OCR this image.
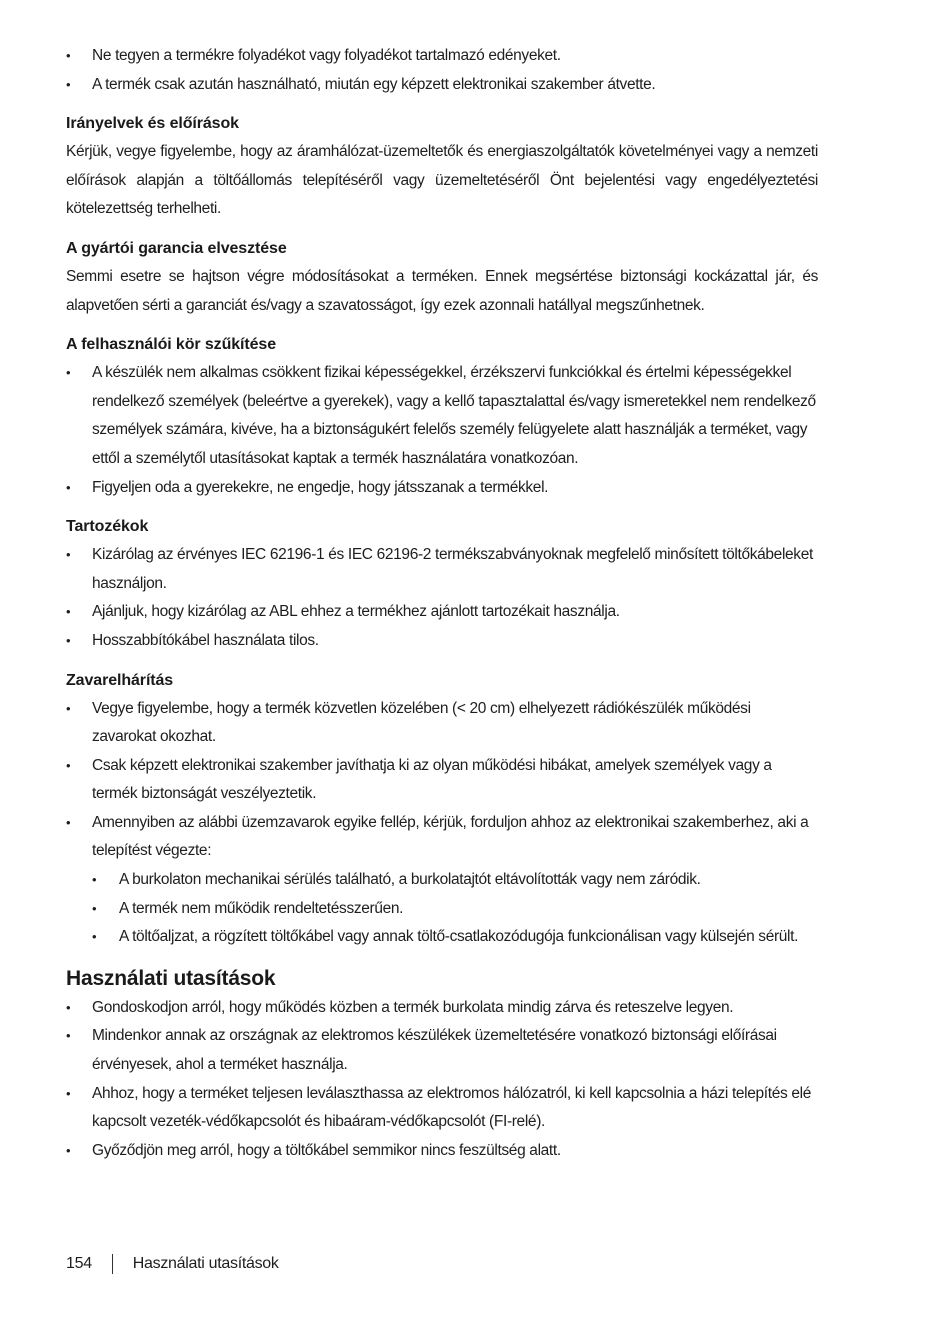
• Ne tegyen a termékre folyadékot vagy folyadékot tartalmazó edényeket.
• A termék csak azután használható, miután egy képzett elektronikai szakember átvette.
Irányelvek és előírások

Kérjük, vegye figyelembe, hogy az áramhálózat-üzemeltetők és energiaszolgáltatók követelményei vagy a nemzeti előírások alapján a töltőállomás telepítéséről vagy üzemeltetéséről Önt bejelentési vagy engedélyeztetési kötelezettség terhelheti.

A gyártói garancia elvesztése

Semmi esetre se hajtson végre módosításokat a terméken. Ennek megsértése biztonsági kockázattal jár, és alapvetően sérti a garanciát és/vagy a szavatosságot, így ezek azonnali hatállyal megszűnhetnek.

A felhasználói kör szűkítése
• A készülék nem alkalmas csökkent fizikai képességekkel, érzékszervi funkciókkal és értelmi képességekkel rendelkező személyek (beleértve a gyerekek), vagy a kellő tapasztalattal és/vagy ismeretekkel nem rendelkező személyek számára, kivéve, ha a biztonságukért felelős személy felügyelete alatt használják a terméket, vagy ettől a személytől utasításokat kaptak a termék használatára vonatkozóan.
• Figyeljen oda a gyerekekre, ne engedje, hogy játsszanak a termékkel.
Tartozékok
• Kizárólag az érvényes IEC 62196-1 és IEC 62196-2 termékszabványoknak megfelelő minősített töltőkábeleket használjon.
• Ajánljuk, hogy kizárólag az ABL ehhez a termékhez ajánlott tartozékait használja.
• Hosszabbítókábel használata tilos.
Zavarelhárítás
• Vegye figyelembe, hogy a termék közvetlen közelében (< 20 cm) elhelyezett rádiókészülék működési zavarokat okozhat.
• Csak képzett elektronikai szakember javíthatja ki az olyan működési hibákat, amelyek személyek vagy a termék biztonságát veszélyeztetik.
• Amennyiben az alábbi üzemzavarok egyike fellép, kérjük, forduljon ahhoz az elektronikai szakemberhez, aki a telepítést végezte:
• A burkolaton mechanikai sérülés található, a burkolatajtót eltávolították vagy nem záródik.
• A termék nem működik rendeltetésszerűen.
• A töltőaljzat, a rögzített töltőkábel vagy annak töltő-csatlakozódugója funkcionálisan vagy külsején sérült.
Használati utasítások
• Gondoskodjon arról, hogy működés közben a termék burkolata mindig zárva és reteszelve legyen.
• Mindenkor annak az országnak az elektromos készülékek üzemeltetésére vonatkozó biztonsági előírásai érvényesek, ahol a terméket használja.
• Ahhoz, hogy a terméket teljesen leválaszthassa az elektromos hálózatról, ki kell kapcsolnia a házi telepítés elé kapcsolt vezeték-védőkapcsolót és hibaáram-védőkapcsolót (FI-relé).
• Győződjön meg arról, hogy a töltőkábel semmikor nincs feszültség alatt.
154	Használati utasítások
